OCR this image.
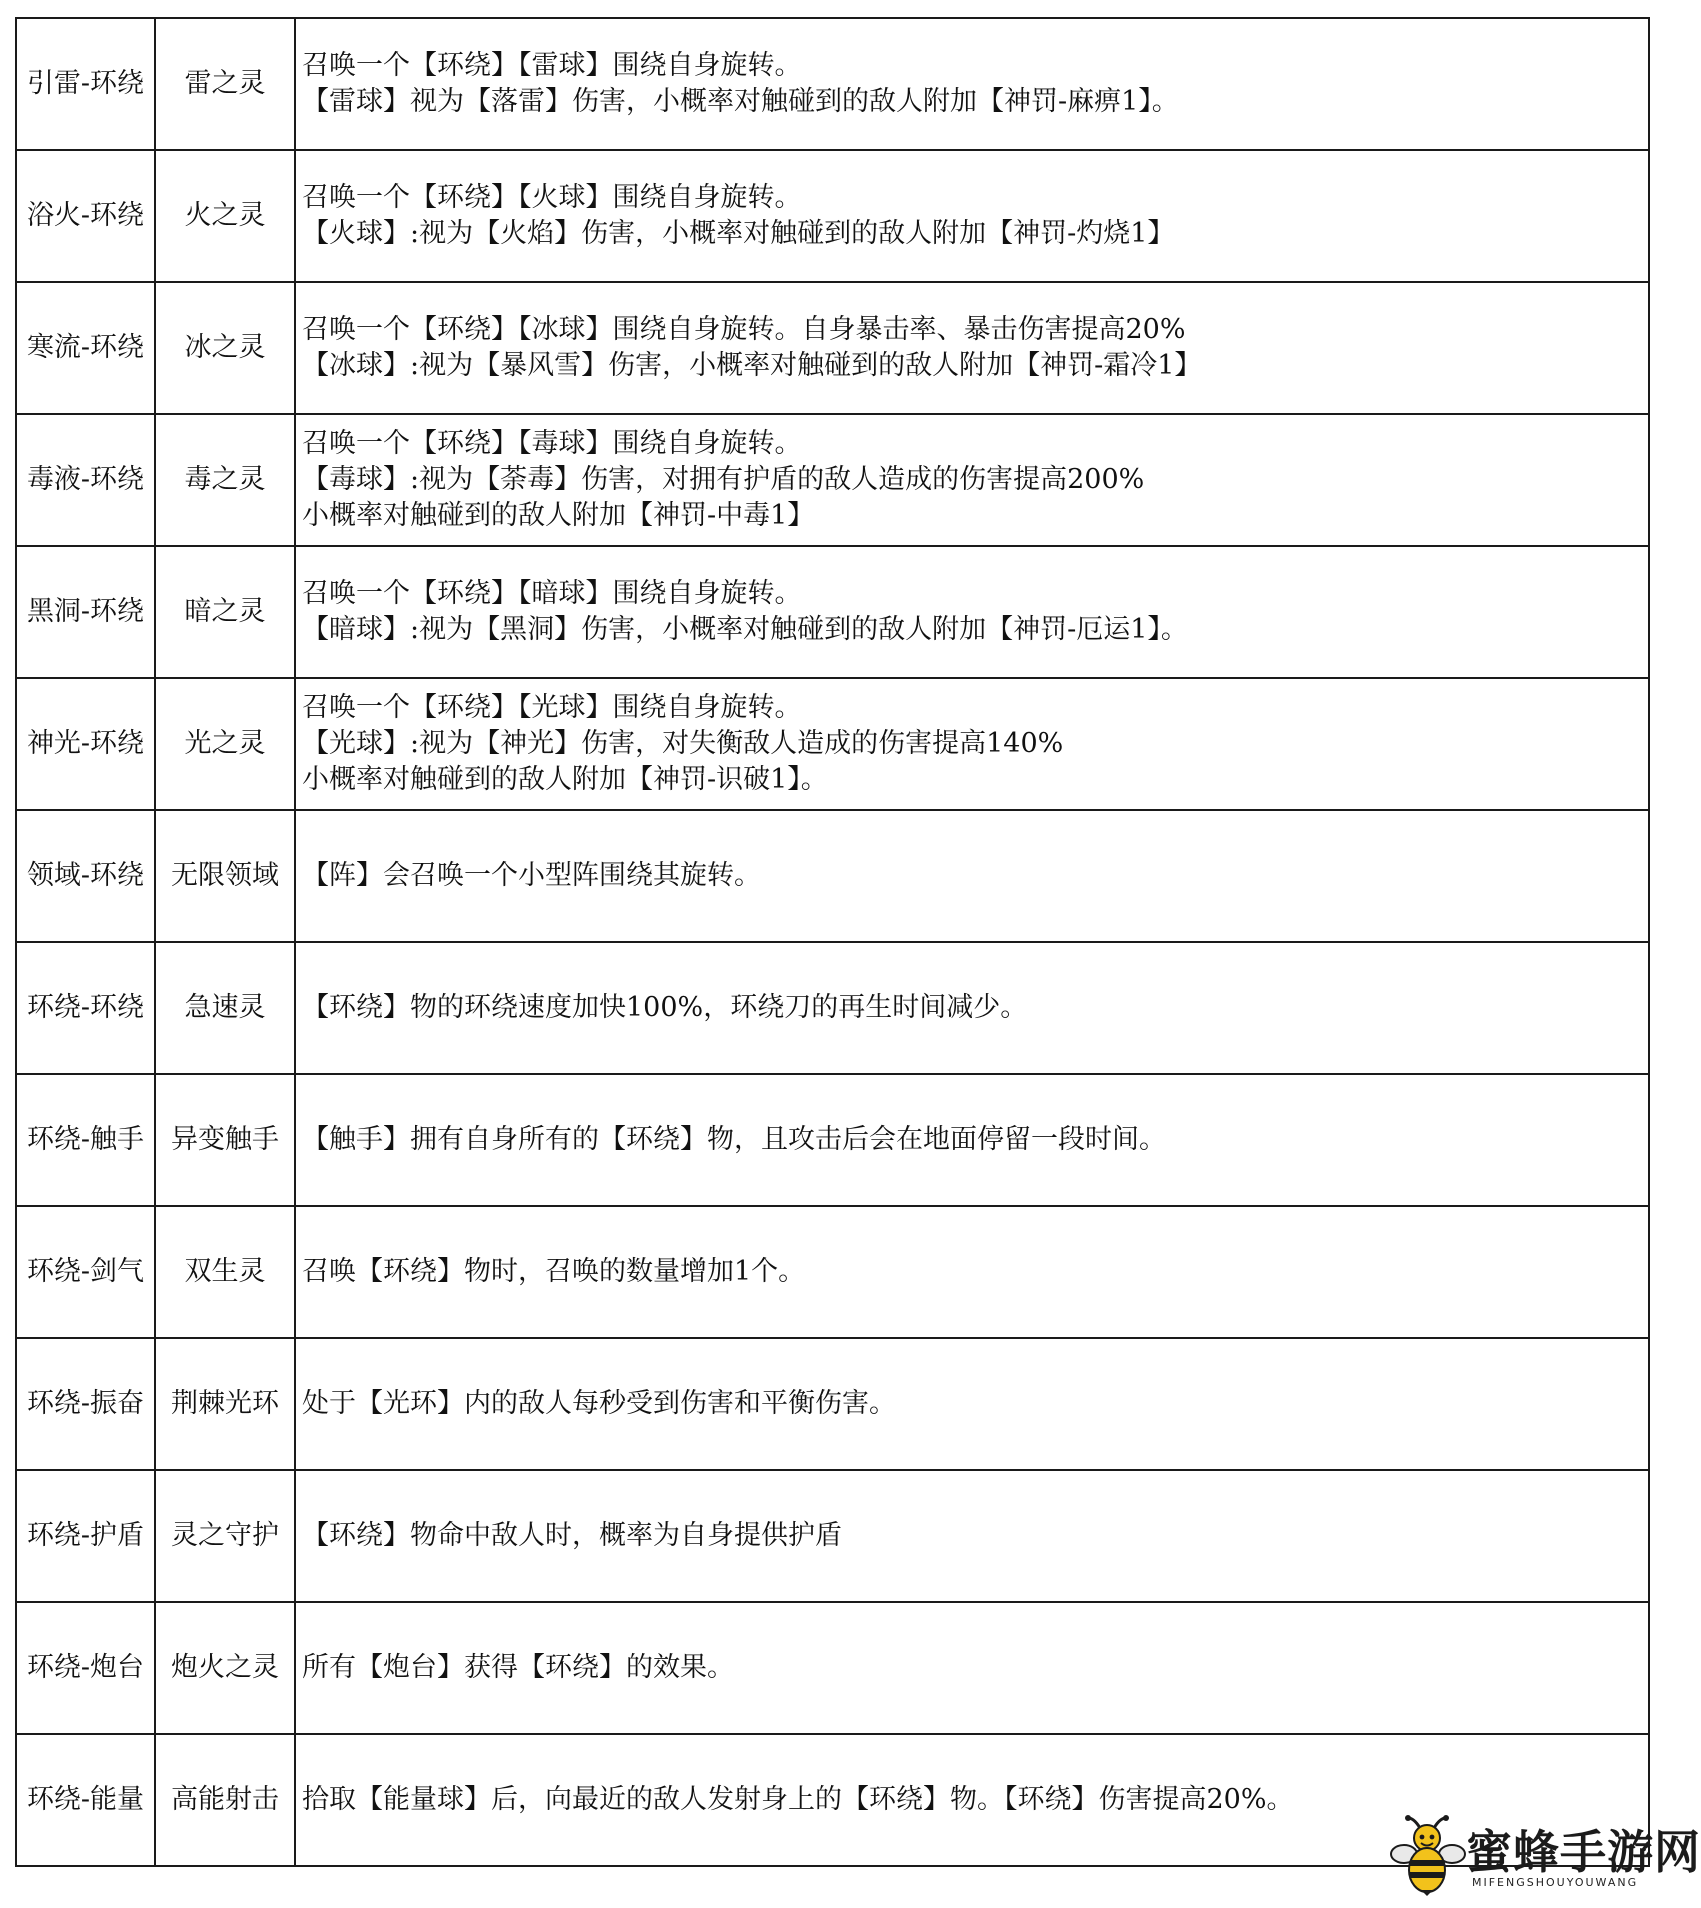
引雷-环绕	雷之灵	召唤一个【环绕】【雷球】围绕自身旋转。
【雷球】视为【落雷】伤害，小概率对触碰到的敌人附加【神罚-麻痹1】。

浴火-环绕	火之灵	召唤一个【环绕】【火球】围绕自身旋转。
【火球】:视为【火焰】伤害，小概率对触碰到的敌人附加【神罚-灼烧1】

寒流-环绕	冰之灵	召唤一个【环绕】【冰球】围绕自身旋转。自身暴击率、暴击伤害提高20%
【冰球】:视为【暴风雪】伤害，小概率对触碰到的敌人附加【神罚-霜冷1】

毒液-环绕	毒之灵	召唤一个【环绕】【毒球】围绕自身旋转。
【毒球】:视为【荼毒】伤害，对拥有护盾的敌人造成的伤害提高200%
小概率对触碰到的敌人附加【神罚-中毒1】

黑洞-环绕	暗之灵	召唤一个【环绕】【暗球】围绕自身旋转。
【暗球】:视为【黑洞】伤害，小概率对触碰到的敌人附加【神罚-厄运1】。

神光-环绕	光之灵	召唤一个【环绕】【光球】围绕自身旋转。
【光球】:视为【神光】伤害，对失衡敌人造成的伤害提高140%
小概率对触碰到的敌人附加【神罚-识破1】。

领域-环绕	无限领域	【阵】会召唤一个小型阵围绕其旋转。

环绕-环绕	急速灵	【环绕】物的环绕速度加快100%，环绕刀的再生时间减少。

环绕-触手	异变触手	【触手】拥有自身所有的【环绕】物，且攻击后会在地面停留一段时间。

环绕-剑气	双生灵	召唤【环绕】物时，召唤的数量增加1个。

环绕-振奋	荆棘光环	处于【光环】内的敌人每秒受到伤害和平衡伤害。

环绕-护盾	灵之守护	【环绕】物命中敌人时，概率为自身提供护盾

环绕-炮台	炮火之灵	所有【炮台】获得【环绕】的效果。

环绕-能量	高能射击	拾取【能量球】后，向最近的敌人发射身上的【环绕】物。【环绕】伤害提高20%。
蜜蜂手游网
MIFENGSHOUYOUWANG
